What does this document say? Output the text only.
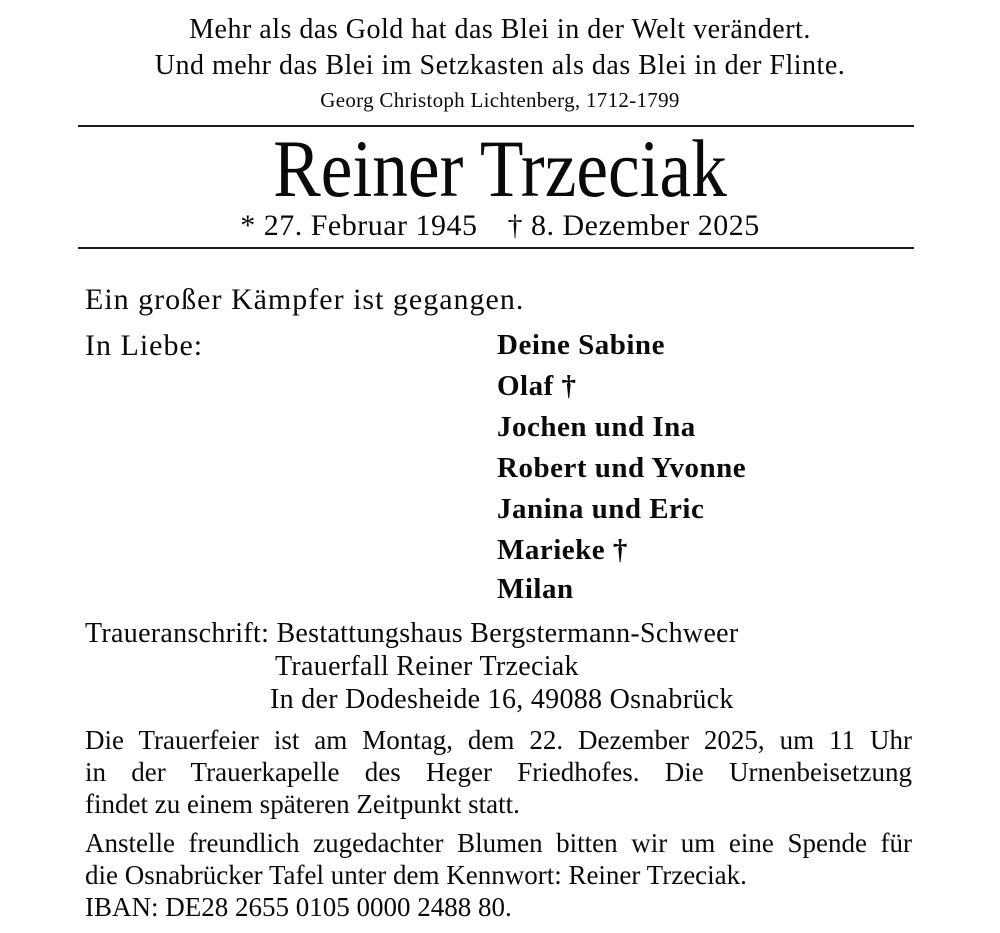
Mehr als das Gold hat das Blei in der Welt verändert.
Und mehr das Blei im Setzkasten als das Blei in der Flinte.
Georg Christoph Lichtenberg, 1712-1799
Reiner Trzeciak
* 27. Februar 1945 † 8. Dezember 2025
Ein großer Kämpfer ist gegangen.
In Liebe:	Deine Sabine
Olaf †
Jochen und Ina
Robert und Yvonne
Janina und Eric
Marieke †
Milan
Traueranschrift: Bestattungshaus Bergstermann-Schweer
Trauerfall Reiner Trzeciak
In der Dodesheide 16, 49088 Osnabrück
Die Trauerfeier ist am Montag, dem 22. Dezember 2025, um 11 Uhr
in der Trauerkapelle des Heger Friedhofes. Die Urnenbeisetzung
findet zu einem späteren Zeitpunkt statt.
Anstelle freundlich zugedachter Blumen bitten wir um eine Spende für
die Osnabrücker Tafel unter dem Kennwort: Reiner Trzeciak.
IBAN: DE28 2655 0105 0000 2488 80.
